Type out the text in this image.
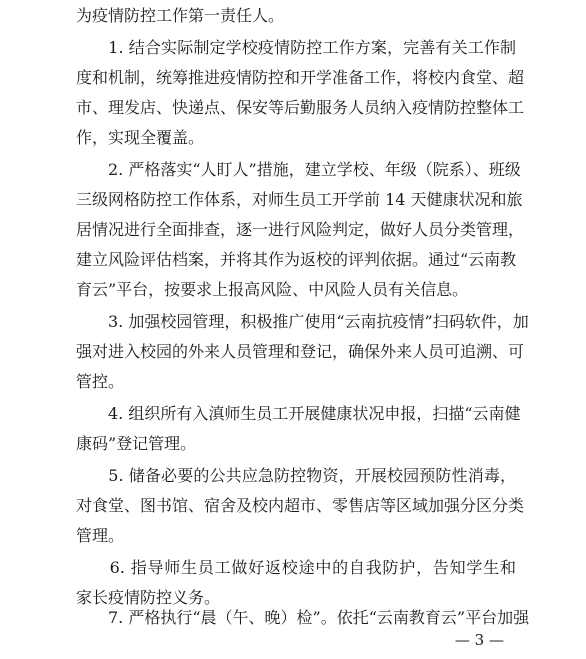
为疫情防控工作第一责任人。
　　1. 结合实际制定学校疫情防控工作方案，完善有关工作制
度和机制，统筹推进疫情防控和开学准备工作，将校内食堂、超
市、理发店、快递点、保安等后勤服务人员纳入疫情防控整体工
作，实现全覆盖。
　　2. 严格落实“人盯人”措施，建立学校、年级（院系）、班级
三级网格防控工作体系，对师生员工开学前 14 天健康状况和旅
居情况进行全面排查，逐一进行风险判定，做好人员分类管理，
建立风险评估档案，并将其作为返校的评判依据。通过“云南教
育云”平台，按要求上报高风险、中风险人员有关信息。
　　3. 加强校园管理，积极推广使用“云南抗疫情”扫码软件，加
强对进入校园的外来人员管理和登记，确保外来人员可追溯、可
管控。
　　4. 组织所有入滇师生员工开展健康状况申报，扫描“云南健
康码”登记管理。
　　5. 储备必要的公共应急防控物资，开展校园预防性消毒，
对食堂、图书馆、宿舍及校内超市、零售店等区域加强分区分类
管理。
　　6. 指导师生员工做好返校途中的自我防护，告知学生和
家长疫情防控义务。
　　7. 严格执行“晨（午、晚）检”。依托“云南教育云”平台加强
— 3 —
